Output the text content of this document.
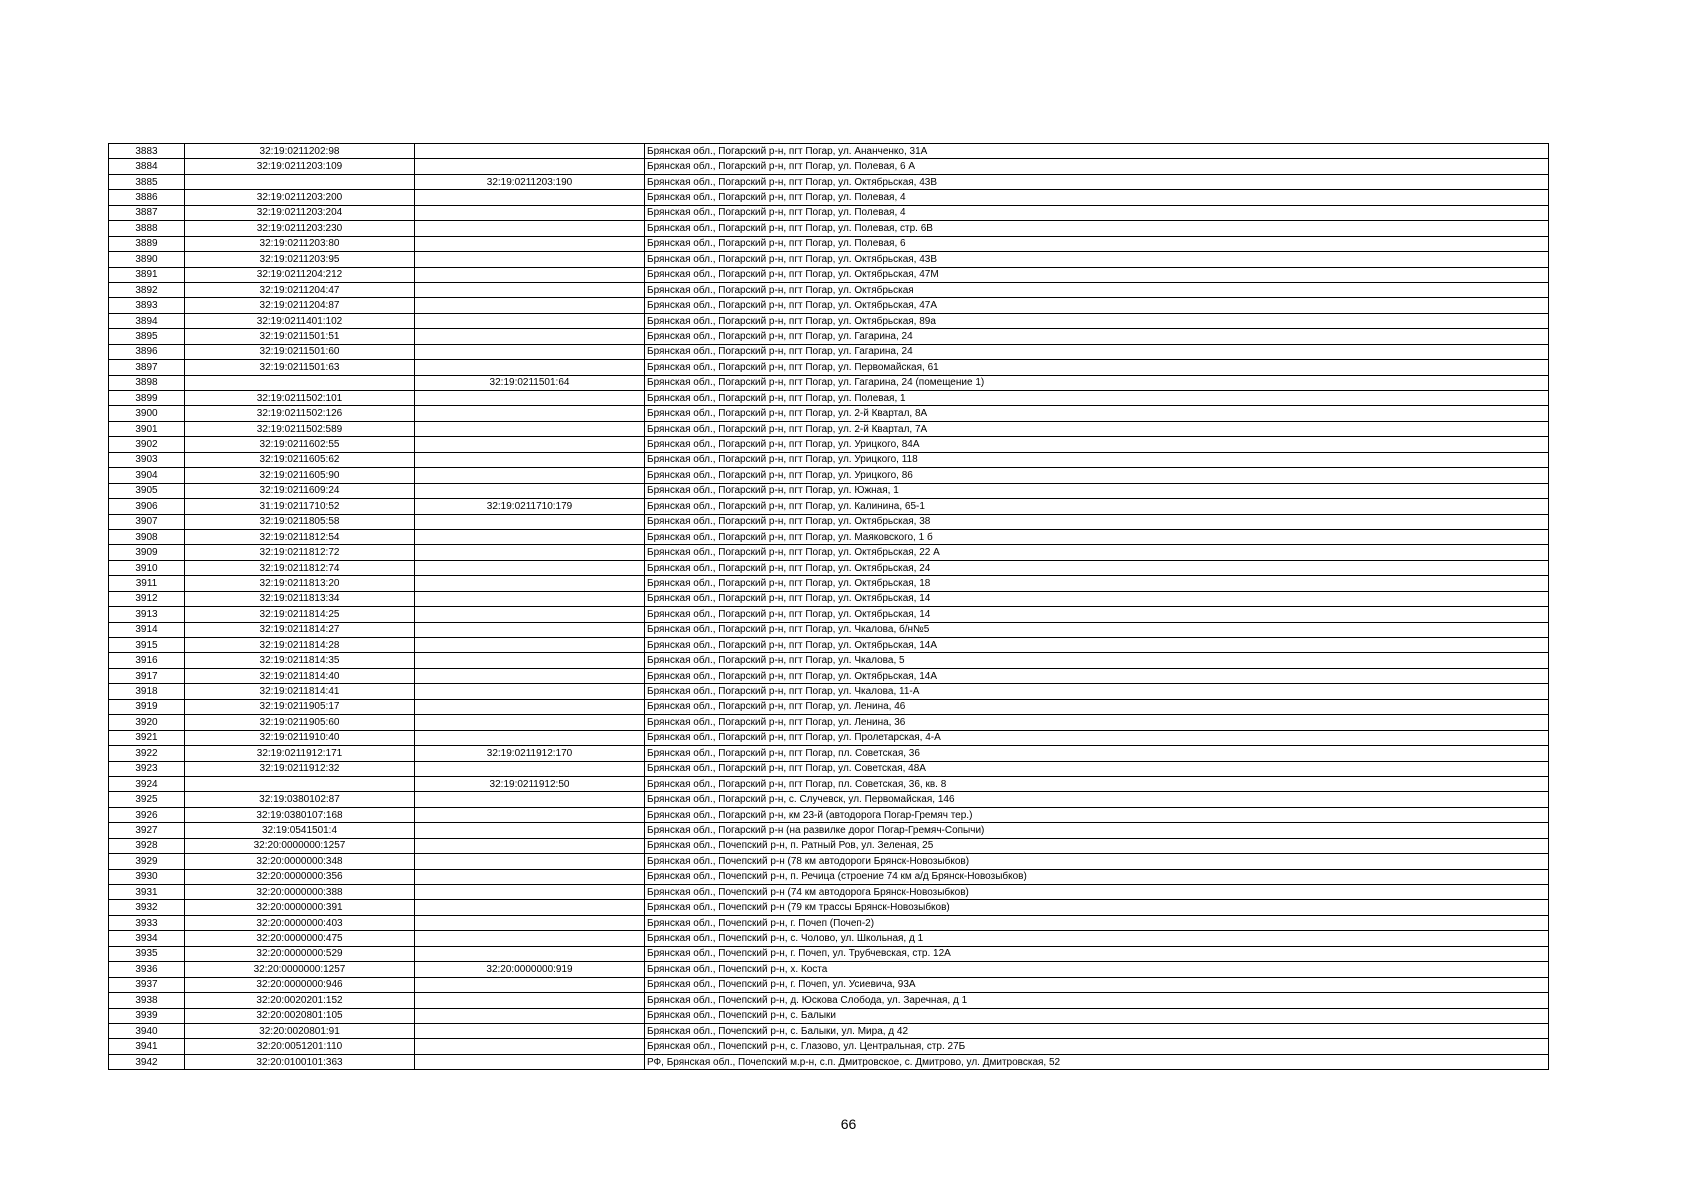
3883	32:19:0211202:98		Брянская обл., Погарский р-н, пгт Погар, ул. Ананченко, 31А
3884	32:19:0211203:109		Брянская обл., Погарский р-н, пгт Погар, ул. Полевая, 6 А
3885		32:19:0211203:190	Брянская обл., Погарский р-н, пгт Погар, ул. Октябрьская, 43В
3886	32:19:0211203:200		Брянская обл., Погарский р-н, пгт Погар, ул. Полевая, 4
3887	32:19:0211203:204		Брянская обл., Погарский р-н, пгт Погар, ул. Полевая, 4
3888	32:19:0211203:230		Брянская обл., Погарский р-н, пгт Погар, ул. Полевая, стр. 6В
3889	32:19:0211203:80		Брянская обл., Погарский р-н, пгт Погар, ул. Полевая, 6
3890	32:19:0211203:95		Брянская обл., Погарский р-н, пгт Погар, ул. Октябрьская, 43В
3891	32:19:0211204:212		Брянская обл., Погарский р-н, пгт Погар, ул. Октябрьская, 47М
3892	32:19:0211204:47		Брянская обл., Погарский р-н, пгт Погар, ул. Октябрьская
3893	32:19:0211204:87		Брянская обл., Погарский р-н, пгт Погар, ул. Октябрьская, 47А
3894	32:19:0211401:102		Брянская обл., Погарский р-н, пгт Погар, ул. Октябрьская, 89а
3895	32:19:0211501:51		Брянская обл., Погарский р-н, пгт Погар, ул. Гагарина, 24
3896	32:19:0211501:60		Брянская обл., Погарский р-н, пгт Погар, ул. Гагарина, 24
3897	32:19:0211501:63		Брянская обл., Погарский р-н, пгт Погар, ул. Первомайская, 61
3898		32:19:0211501:64	Брянская обл., Погарский р-н, пгт Погар, ул. Гагарина, 24 (помещение 1)
3899	32:19:0211502:101		Брянская обл., Погарский р-н, пгт Погар, ул. Полевая, 1
3900	32:19:0211502:126		Брянская обл., Погарский р-н, пгт Погар, ул. 2-й Квартал, 8А
3901	32:19:0211502:589		Брянская обл., Погарский р-н, пгт Погар, ул. 2-й Квартал, 7А
3902	32:19:0211602:55		Брянская обл., Погарский р-н, пгт Погар, ул. Урицкого, 84А
3903	32:19:0211605:62		Брянская обл., Погарский р-н, пгт Погар, ул. Урицкого, 118
3904	32:19:0211605:90		Брянская обл., Погарский р-н, пгт Погар, ул. Урицкого, 86
3905	32:19:0211609:24		Брянская обл., Погарский р-н, пгт Погар, ул. Южная, 1
3906	31:19:0211710:52	32:19:0211710:179	Брянская обл., Погарский р-н, пгт Погар, ул. Калинина, 65-1
3907	32:19:0211805:58		Брянская обл., Погарский р-н, пгт Погар, ул. Октябрьская, 38
3908	32:19:0211812:54		Брянская обл., Погарский р-н, пгт Погар, ул. Маяковского, 1 б
3909	32:19:0211812:72		Брянская обл., Погарский р-н, пгт Погар, ул. Октябрьская, 22 А
3910	32:19:0211812:74		Брянская обл., Погарский р-н, пгт Погар, ул. Октябрьская, 24
3911	32:19:0211813:20		Брянская обл., Погарский р-н, пгт Погар, ул. Октябрьская, 18
3912	32:19:0211813:34		Брянская обл., Погарский р-н, пгт Погар, ул. Октябрьская, 14
3913	32:19:0211814:25		Брянская обл., Погарский р-н, пгт Погар, ул. Октябрьская, 14
3914	32:19:0211814:27		Брянская обл., Погарский р-н, пгт Погар, ул. Чкалова, б/н№5
3915	32:19:0211814:28		Брянская обл., Погарский р-н, пгт Погар, ул. Октябрьская, 14А
3916	32:19:0211814:35		Брянская обл., Погарский р-н, пгт Погар, ул. Чкалова, 5
3917	32:19:0211814:40		Брянская обл., Погарский р-н, пгт Погар, ул. Октябрьская, 14А
3918	32:19:0211814:41		Брянская обл., Погарский р-н, пгт Погар, ул. Чкалова, 11-А
3919	32:19:0211905:17		Брянская обл., Погарский р-н, пгт Погар, ул. Ленина, 46
3920	32:19:0211905:60		Брянская обл., Погарский р-н, пгт Погар, ул. Ленина, 36
3921	32:19:0211910:40		Брянская обл., Погарский р-н, пгт Погар, ул. Пролетарская, 4-А
3922	32:19:0211912:171	32:19:0211912:170	Брянская обл., Погарский р-н, пгт Погар, пл. Советская, 36
3923	32:19:0211912:32		Брянская обл., Погарский р-н, пгт Погар, ул. Советская, 48А
3924		32:19:0211912:50	Брянская обл., Погарский р-н, пгт Погар, пл. Советская, 36, кв. 8
3925	32:19:0380102:87		Брянская обл., Погарский р-н, с. Случевск, ул. Первомайская, 146
3926	32:19:0380107:168		Брянская обл., Погарский р-н, км 23-й (автодорога Погар-Гремяч тер.)
3927	32:19:0541501:4		Брянская обл., Погарский р-н (на развилке дорог Погар-Гремяч-Сопычи)
3928	32:20:0000000:1257		Брянская обл., Почепский р-н, п. Ратный Ров, ул. Зеленая, 25
3929	32:20:0000000:348		Брянская обл., Почепский р-н (78 км автодороги Брянск-Новозыбков)
3930	32:20:0000000:356		Брянская обл., Почепский р-н, п. Речица (строение 74 км а/д Брянск-Новозыбков)
3931	32:20:0000000:388		Брянская обл., Почепский р-н (74 км автодорога Брянск-Новозыбков)
3932	32:20:0000000:391		Брянская обл., Почепский р-н (79 км трассы Брянск-Новозыбков)
3933	32:20:0000000:403		Брянская обл., Почепский р-н, г. Почеп (Почеп-2)
3934	32:20:0000000:475		Брянская обл., Почепский р-н, с. Чолово, ул. Школьная, д 1
3935	32:20:0000000:529		Брянская обл., Почепский р-н, г. Почеп, ул. Трубчевская, стр. 12А
3936	32:20:0000000:1257	32:20:0000000:919	Брянская обл., Почепский р-н, х. Коста
3937	32:20:0000000:946		Брянская обл., Почепский р-н, г. Почеп, ул. Усиевича, 93А
3938	32:20:0020201:152		Брянская обл., Почепский р-н, д. Юскова Слобода, ул. Заречная, д 1
3939	32:20:0020801:105		Брянская обл., Почепский р-н, с. Балыки
3940	32:20:0020801:91		Брянская обл., Почепский р-н, с. Балыки, ул. Мира, д 42
3941	32:20:0051201:110		Брянская обл., Почепский р-н, с. Глазово, ул. Центральная, стр. 27Б
3942	32:20:0100101:363		РФ, Брянская обл., Почепский м.р-н, с.п. Дмитровское, с. Дмитрово, ул. Дмитровская, 52
66
